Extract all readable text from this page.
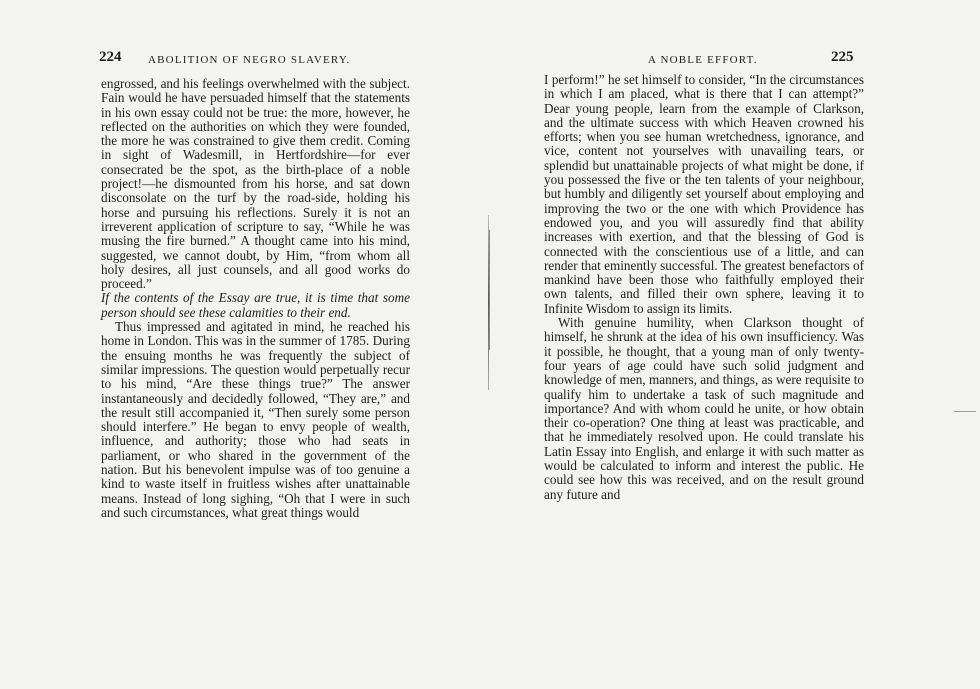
224 ABOLITION OF NEGRO SLAVERY.

engrossed, and his feelings overwhelmed with the subject. Fain would he have persuaded himself that the statements in his own essay could not be true: the more, however, he reflected on the authorities on which they were founded, the more he was constrained to give them credit. Coming in sight of Wadesmill, in Hertfordshire—for ever consecrated be the spot, as the birth-place of a noble project!—he dismounted from his horse, and sat down disconsolate on the turf by the road-side, holding his horse and pursuing his reflections. Surely it is not an irreverent application of scripture to say, “While he was musing the fire burned.” A thought came into his mind, suggested, we cannot doubt, by Him, “from whom all holy desires, all just counsels, and all good works do proceed.”

If the contents of the Essay are true, it is time that some person should see these calamities to their end.

Thus impressed and agitated in mind, he reached his home in London. This was in the summer of 1785. During the ensuing months he was frequently the subject of similar impressions. The question would perpetually recur to his mind, “Are these things true?” The answer instantaneously and decidedly followed, “They are,” and the result still accompanied it, “Then surely some person should interfere.” He began to envy people of wealth, influence, and authority; those who had seats in parliament, or who shared in the government of the nation. But his benevolent impulse was of too genuine a kind to waste itself in fruitless wishes after unattainable means. Instead of long sighing, “Oh that I were in such and such circumstances, what great things would

A NOBLE EFFORT.	225

I perform!” he set himself to consider, “In the circumstances in which I am placed, what is there that I can attempt?” Dear young people, learn from the example of Clarkson, and the ultimate success with which Heaven crowned his efforts; when you see human wretchedness, ignorance, and vice, content not yourselves with unavailing tears, or splendid but unattainable projects of what might be done, if you possessed the five or the ten talents of your neighbour, but humbly and diligently set yourself about employing and improving the two or the one with which Providence has endowed you, and you will assuredly find that ability increases with exertion, and that the blessing of God is connected with the conscientious use of a little, and can render that eminently successful. The greatest benefactors of mankind have been those who faithfully employed their own talents, and filled their own sphere, leaving it to Infinite Wisdom to assign its limits.

With genuine humility, when Clarkson thought of himself, he shrunk at the idea of his own insufficiency. Was it possible, he thought, that a young man of only twenty-four years of age could have such solid judgment and knowledge of men, manners, and things, as were requisite to qualify him to undertake a task of such magnitude and importance? And with whom could he unite, or how obtain their co-operation? One thing at least was practicable, and that he immediately resolved upon. He could translate his Latin Essay into English, and enlarge it with such matter as would be calculated to inform and interest the public. He could see how this was received, and on the result ground any future and
